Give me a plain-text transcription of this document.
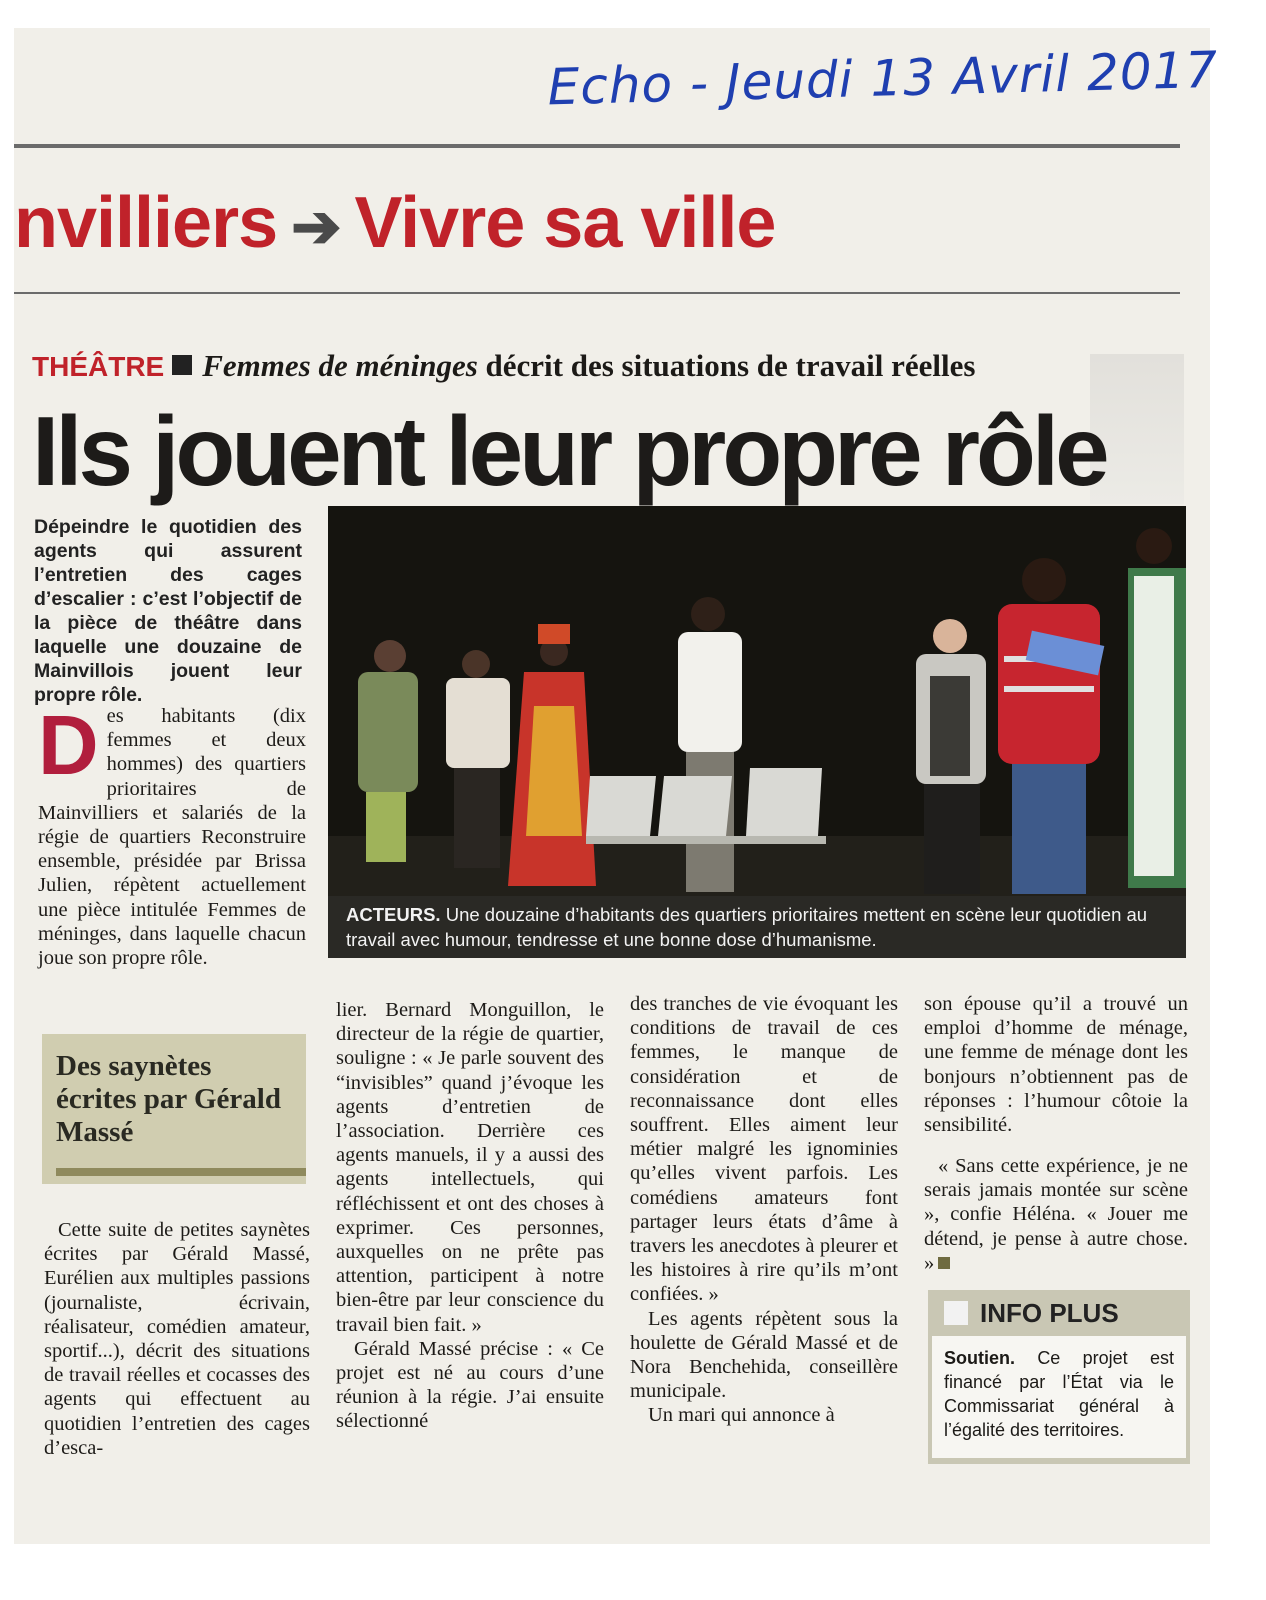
Echo - Jeudi 13 Avril 2017
nvilliers ➔ Vivre sa ville
THÉÂTRE Femmes de méninges décrit des situations de travail réelles
Ils jouent leur propre rôle
Dépeindre le quotidien des agents qui assurent l’entretien des cages d’escalier : c’est l’objectif de la pièce de théâtre dans laquelle une douzaine de Mainvillois jouent leur propre rôle.
ACTEURS. Une douzaine d’habitants des quartiers prioritaires mettent en scène leur quotidien au travail avec humour, tendresse et une bonne dose d’humanisme.
Des habitants (dix femmes et deux hommes) des quartiers prioritaires de Mainvilliers et salariés de la régie de quartiers Reconstruire ensemble, présidée par Brissa Julien, répètent actuellement une pièce intitulée Femmes de méninges, dans laquelle chacun joue son propre rôle.
Des saynètes écrites par Gérald Massé

Cette suite de petites saynètes écrites par Gérald Massé, Eurélien aux multiples passions (journaliste, écrivain, réalisateur, comédien amateur, sportif...), décrit des situations de travail réelles et cocasses des agents qui effectuent au quotidien l’entretien des cages d’esca-

lier. Bernard Monguillon, le directeur de la régie de quartier, souligne : « Je parle souvent des “invisibles” quand j’évoque les agents d’entretien de l’association. Derrière ces agents manuels, il y a aussi des agents intellectuels, qui réfléchissent et ont des choses à exprimer. Ces personnes, auxquelles on ne prête pas attention, participent à notre bien-être par leur conscience du travail bien fait. »

Gérald Massé précise : « Ce projet est né au cours d’une réunion à la régie. J’ai ensuite sélectionné

des tranches de vie évoquant les conditions de travail de ces femmes, le manque de considération et de reconnaissance dont elles souffrent. Elles aiment leur métier malgré les ignominies qu’elles vivent parfois. Les comédiens amateurs font partager leurs états d’âme à travers les anecdotes à pleurer et les histoires à rire qu’ils m’ont confiées. »

Les agents répètent sous la houlette de Gérald Massé et de Nora Benchehida, conseillère municipale.

Un mari qui annonce à

son épouse qu’il a trouvé un emploi d’homme de ménage, une femme de ménage dont les bonjours n’obtiennent pas de réponses : l’humour côtoie la sensibilité.

« Sans cette expérience, je ne serais jamais montée sur scène », confie Héléna. « Jouer me détend, je pense à autre chose. »

INFO PLUS
Soutien. Ce projet est financé par l’État via le Commissariat général à l’égalité des territoires.
